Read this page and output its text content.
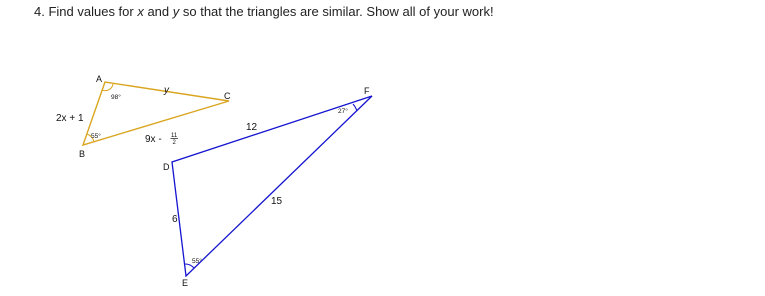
4. Find values for x and y so that the triangles are similar. Show all of your work!

A
B
C
D
E
F
98°
55°
55°
27°
2x + 1
y
9x - 11
2
12
15
6
